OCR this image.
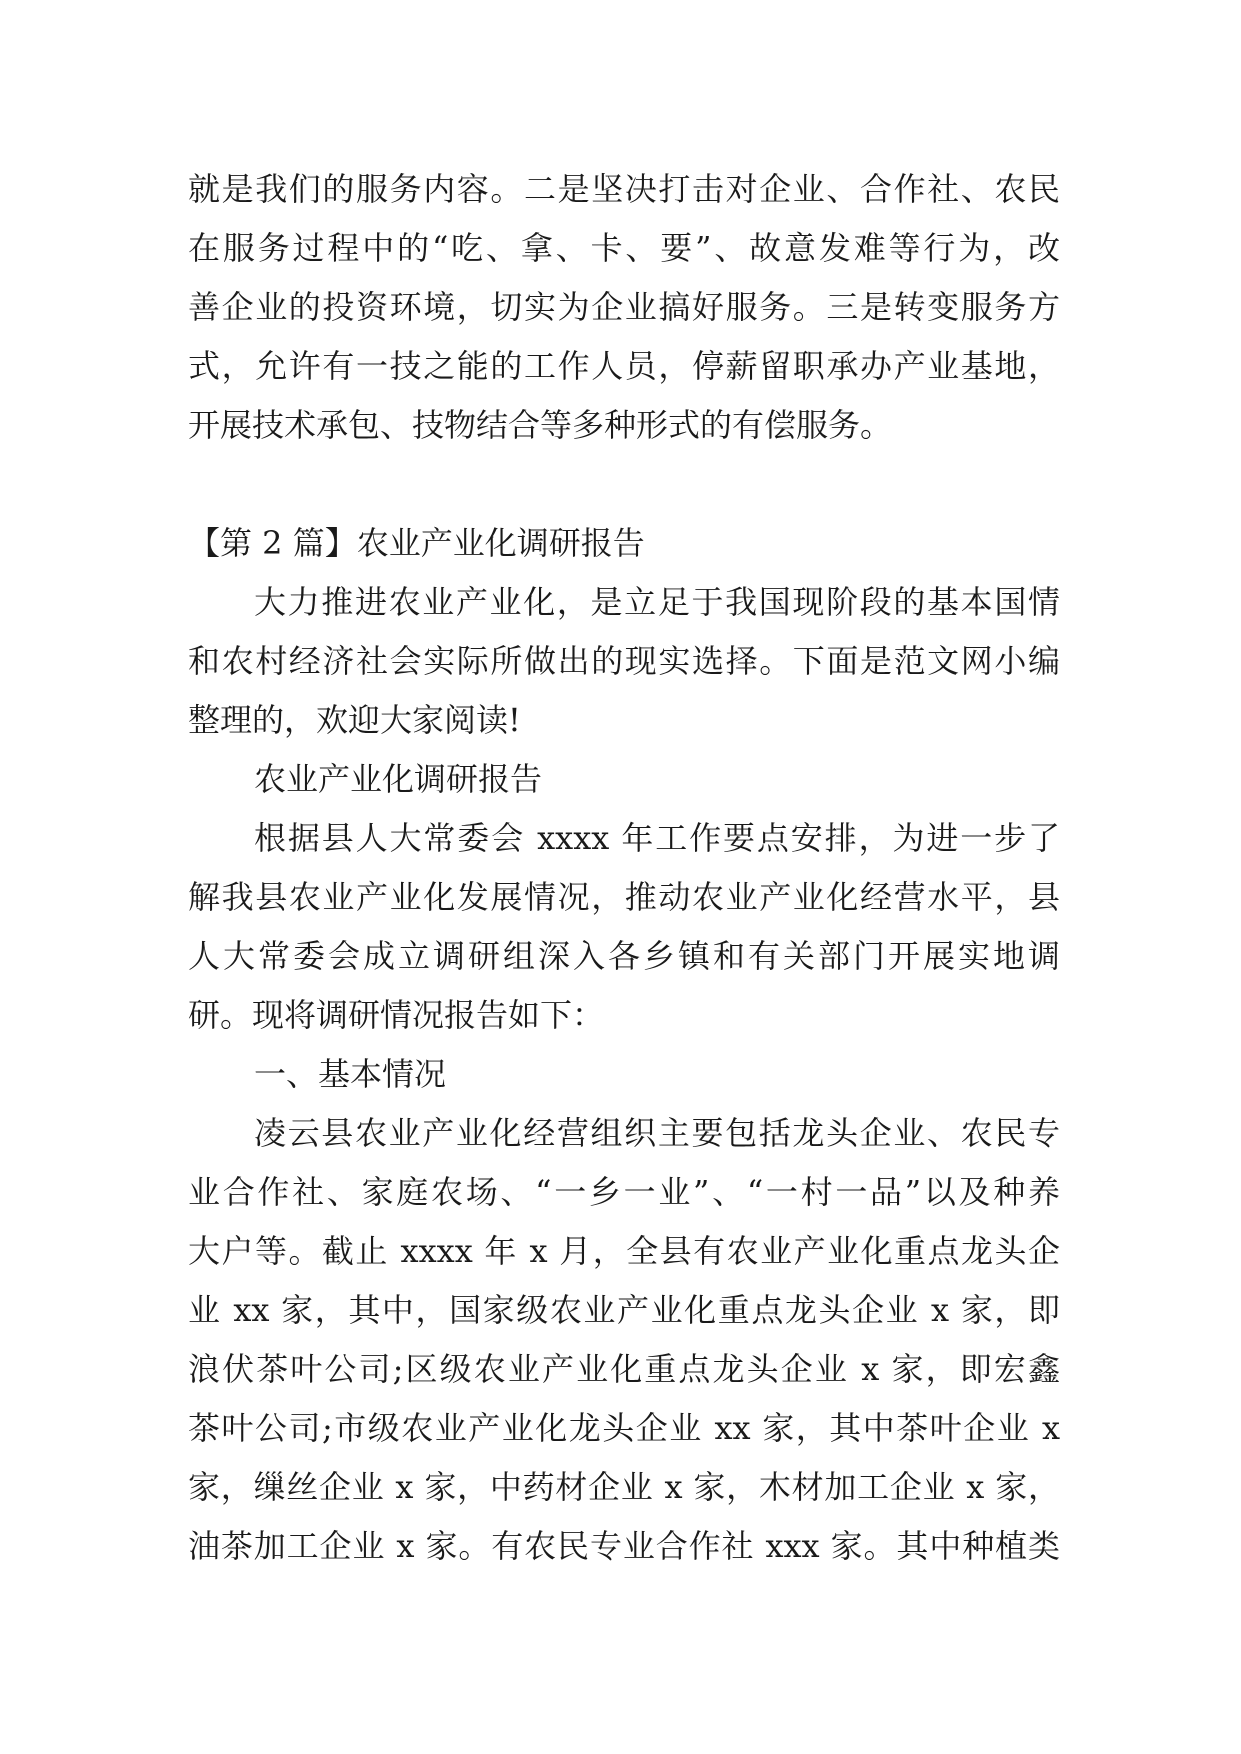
就是我们的服务内容。二是坚决打击对企业、合作社、农民
在服务过程中的“吃、拿、卡、要”、故意发难等行为，改
善企业的投资环境，切实为企业搞好服务。三是转变服务方
式，允许有一技之能的工作人员，停薪留职承办产业基地，
开展技术承包、技物结合等多种形式的有偿服务。
【第 2 篇】农业产业化调研报告
大力推进农业产业化，是立足于我国现阶段的基本国情
和农村经济社会实际所做出的现实选择。下面是范文网小编
整理的，欢迎大家阅读!
农业产业化调研报告
根据县人大常委会 xxxx 年工作要点安排，为进一步了
解我县农业产业化发展情况，推动农业产业化经营水平，县
人大常委会成立调研组深入各乡镇和有关部门开展实地调
研。现将调研情况报告如下：
一、基本情况
凌云县农业产业化经营组织主要包括龙头企业、农民专
业合作社、家庭农场、“一乡一业”、“一村一品”以及种养
大户等。截止 xxxx 年 x 月，全县有农业产业化重点龙头企
业 xx 家，其中，国家级农业产业化重点龙头企业 x 家，即
浪伏茶叶公司;区级农业产业化重点龙头企业 x 家，即宏鑫
茶叶公司;市级农业产业化龙头企业 xx 家，其中茶叶企业 x
家，缫丝企业 x 家，中药材企业 x 家，木材加工企业 x 家，
油茶加工企业 x 家。有农民专业合作社 xxx 家。其中种植类
